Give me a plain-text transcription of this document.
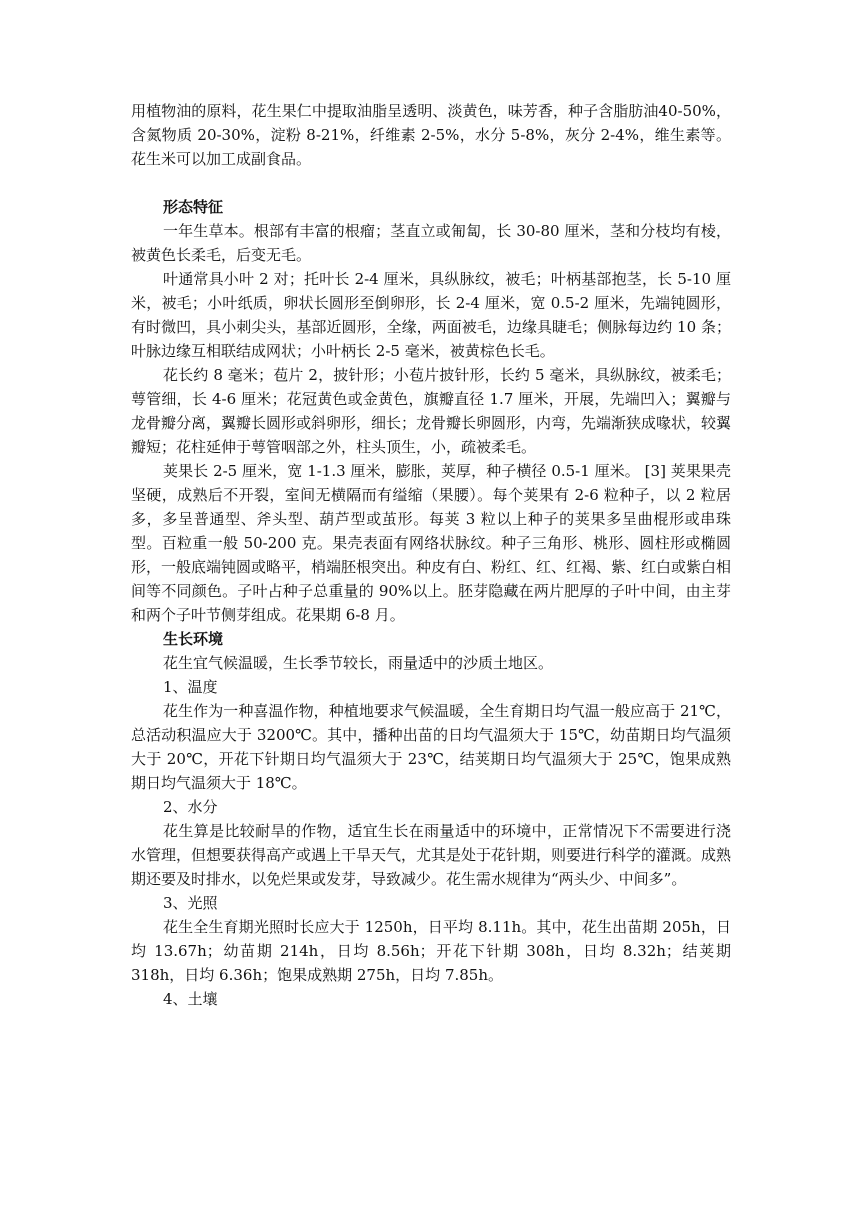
用植物油的原料，花生果仁中提取油脂呈透明、淡黄色，味芳香，种子含脂肪油40-50%，含氮物质 20-30%，淀粉 8-21%，纤维素 2-5%，水分 5-8%，灰分 2-4%，维生素等。 花生米可以加工成副食品。

形态特征

一年生草本。根部有丰富的根瘤；茎直立或匍匐，长 30-80 厘米，茎和分枝均有棱，被黄色长柔毛，后变无毛。

叶通常具小叶 2 对；托叶长 2-4 厘米，具纵脉纹，被毛；叶柄基部抱茎，长 5-10 厘米，被毛；小叶纸质，卵状长圆形至倒卵形，长 2-4 厘米，宽 0.5-2 厘米，先端钝圆形，有时微凹，具小刺尖头，基部近圆形，全缘，两面被毛，边缘具睫毛；侧脉每边约 10 条；叶脉边缘互相联结成网状；小叶柄长 2-5 毫米，被黄棕色长毛。

花长约 8 毫米；苞片 2，披针形；小苞片披针形，长约 5 毫米，具纵脉纹，被柔毛；萼管细，长 4-6 厘米；花冠黄色或金黄色，旗瓣直径 1.7 厘米，开展，先端凹入；翼瓣与龙骨瓣分离，翼瓣长圆形或斜卵形，细长；龙骨瓣长卵圆形，内弯，先端渐狭成喙状，较翼瓣短；花柱延伸于萼管咽部之外，柱头顶生，小，疏被柔毛。

荚果长 2-5 厘米，宽 1-1.3 厘米，膨胀，荚厚，种子横径 0.5-1 厘米。 [3] 荚果果壳坚硬，成熟后不开裂，室间无横隔而有缢缩（果腰）。每个荚果有 2-6 粒种子，以 2 粒居多，多呈普通型、斧头型、葫芦型或茧形。每荚 3 粒以上种子的荚果多呈曲棍形或串珠型。百粒重一般 50-200 克。果壳表面有网络状脉纹。种子三角形、桃形、圆柱形或椭圆形，一般底端钝圆或略平，梢端胚根突出。种皮有白、粉红、红、红褐、紫、红白或紫白相间等不同颜色。子叶占种子总重量的 90%以上。胚芽隐藏在两片肥厚的子叶中间，由主芽和两个子叶节侧芽组成。花果期 6-8 月。

生长环境

花生宜气候温暖，生长季节较长，雨量适中的沙质土地区。

1、温度

花生作为一种喜温作物，种植地要求气候温暖，全生育期日均气温一般应高于 21℃，总活动积温应大于 3200℃。其中，播种出苗的日均气温须大于 15℃，幼苗期日均气温须大于 20℃，开花下针期日均气温须大于 23℃，结荚期日均气温须大于 25℃，饱果成熟期日均气温须大于 18℃。

2、水分

花生算是比较耐旱的作物，适宜生长在雨量适中的环境中，正常情况下不需要进行浇水管理，但想要获得高产或遇上干旱天气，尤其是处于花针期，则要进行科学的灌溉。成熟期还要及时排水，以免烂果或发芽，导致减少。花生需水规律为“两头少、中间多”。

3、光照

花生全生育期光照时长应大于 1250h，日平均 8.11h。其中，花生出苗期 205h，日均 13.67h；幼苗期 214h，日均 8.56h；开花下针期 308h，日均 8.32h；结荚期 318h，日均 6.36h；饱果成熟期 275h，日均 7.85h。

4、土壤
